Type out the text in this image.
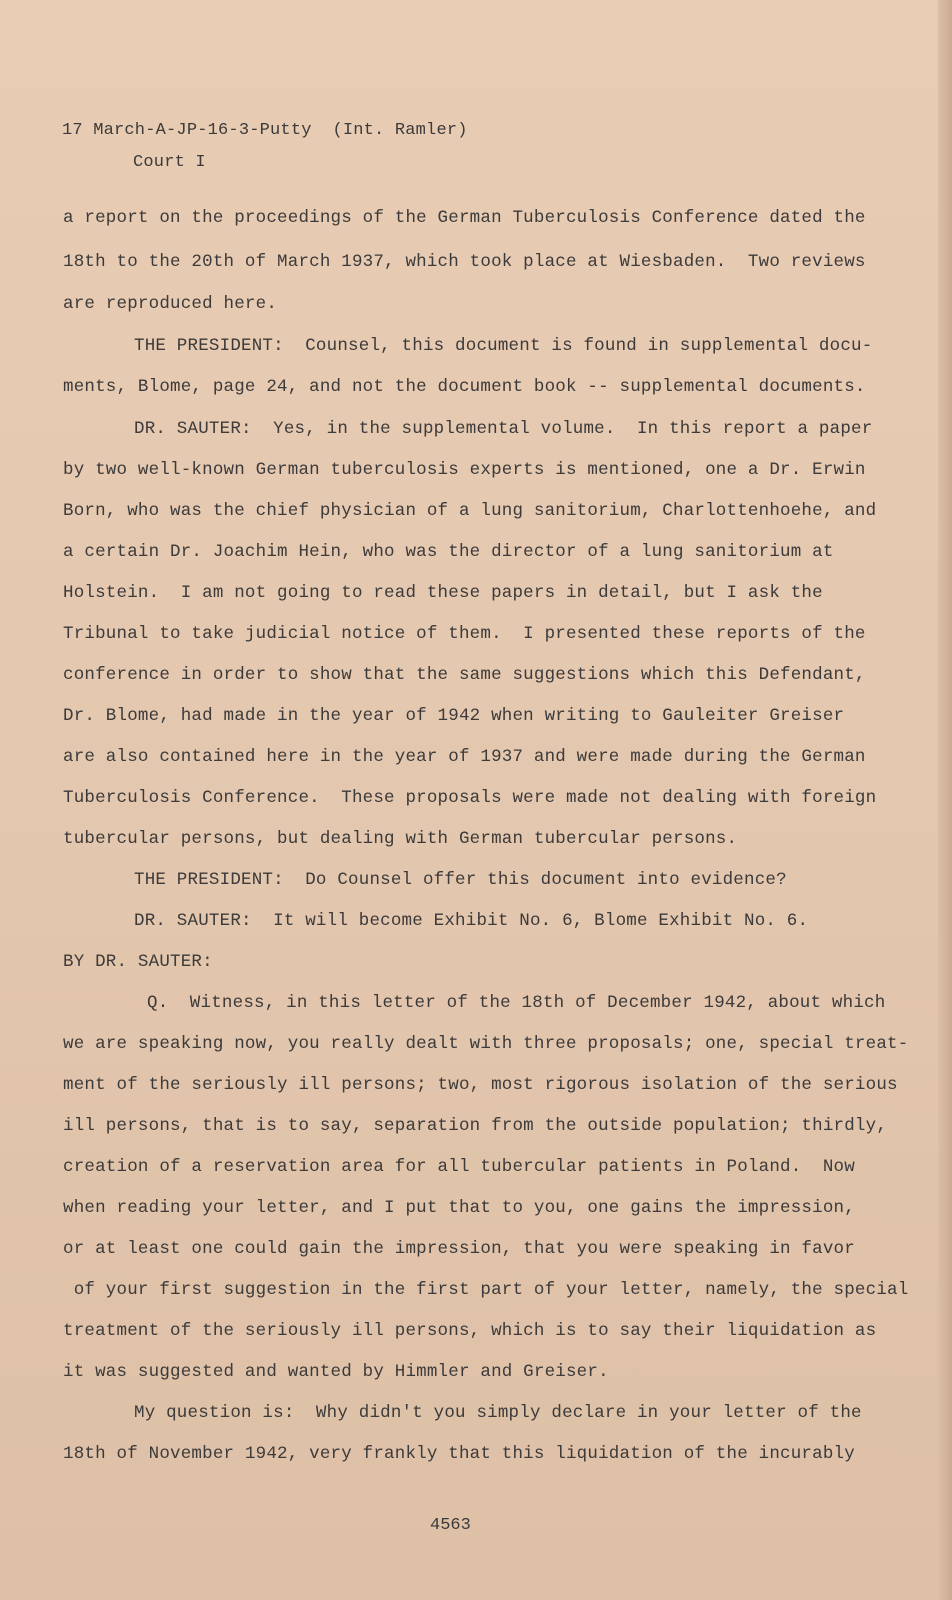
17 March-A-JP-16-3-Putty  (Int. Ramler)
Court I
a report on the proceedings of the German Tuberculosis Conference dated the
18th to the 20th of March 1937, which took place at Wiesbaden.  Two reviews
are reproduced here.
THE PRESIDENT:  Counsel, this document is found in supplemental docu-
ments, Blome, page 24, and not the document book -- supplemental documents.
DR. SAUTER:  Yes, in the supplemental volume.  In this report a paper
by two well-known German tuberculosis experts is mentioned, one a Dr. Erwin
Born, who was the chief physician of a lung sanitorium, Charlottenhoehe, and
a certain Dr. Joachim Hein, who was the director of a lung sanitorium at
Holstein.  I am not going to read these papers in detail, but I ask the
Tribunal to take judicial notice of them.  I presented these reports of the
conference in order to show that the same suggestions which this Defendant,
Dr. Blome, had made in the year of 1942 when writing to Gauleiter Greiser
are also contained here in the year of 1937 and were made during the German
Tuberculosis Conference.  These proposals were made not dealing with foreign
tubercular persons, but dealing with German tubercular persons.
THE PRESIDENT:  Do Counsel offer this document into evidence?
DR. SAUTER:  It will become Exhibit No. 6, Blome Exhibit No. 6.
BY DR. SAUTER:
Q.  Witness, in this letter of the 18th of December 1942, about which
we are speaking now, you really dealt with three proposals; one, special treat-
ment of the seriously ill persons; two, most rigorous isolation of the serious
ill persons, that is to say, separation from the outside population; thirdly,
creation of a reservation area for all tubercular patients in Poland.  Now
when reading your letter, and I put that to you, one gains the impression,
or at least one could gain the impression, that you were speaking in favor
of your first suggestion in the first part of your letter, namely, the special
treatment of the seriously ill persons, which is to say their liquidation as
it was suggested and wanted by Himmler and Greiser.
My question is:  Why didn't you simply declare in your letter of the
18th of November 1942, very frankly that this liquidation of the incurably
4563
